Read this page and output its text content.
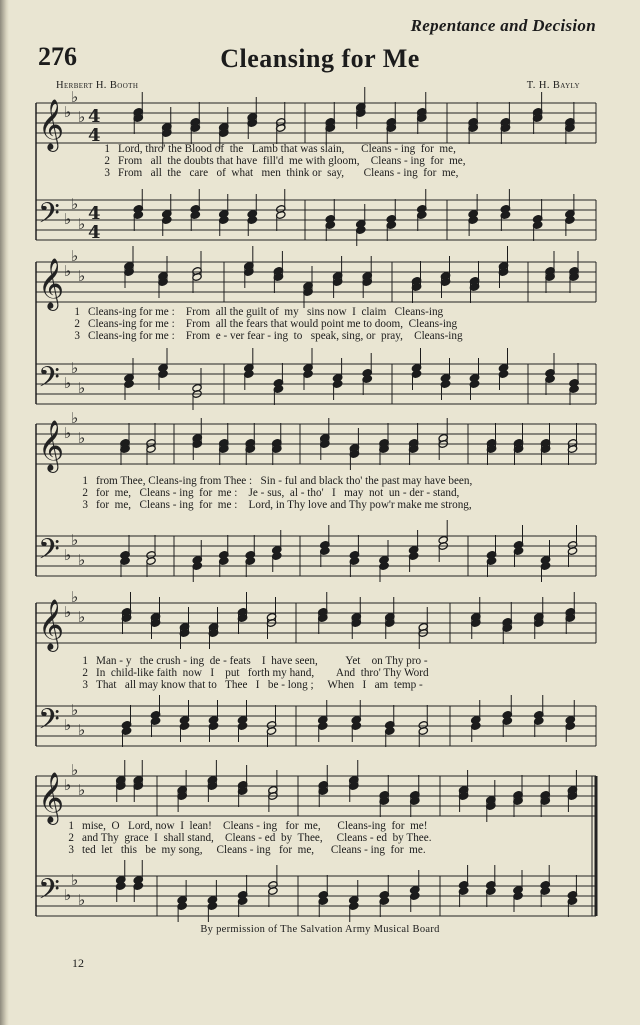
Repentance and Decision
276	Cleansing for Me
Herbert H. Booth	T. H. Bayly
𝄞
𝄢
♭
♭
♭
♭
♭
♭
4
4
4
4
𝄞
𝄢
♭
♭
♭
♭
♭
♭
𝄞
𝄢
♭
♭
♭
♭
♭
♭
𝄞
𝄢
♭
♭
♭
♭
♭
♭
𝄞
𝄢
♭
♭
♭
♭
♭
♭
1 Lord, thro' the Blood of  the   Lamb that was slain,      Cleans - ing  for  me,
2 From   all  the doubts that have  fill'd  me with gloom,    Cleans - ing  for  me,
3 From   all  the   care   of  what   men  think or  say,       Cleans - ing  for  me,
1 Cleans-ing for me :    From  all the guilt of  my   sins now  I  claim   Cleans-ing
2 Cleans-ing for me :    From  all the fears that would point me to doom,  Cleans-ing
3 Cleans-ing for me :    From  e - ver fear - ing  to   speak, sing, or  pray,    Cleans-ing
1 from Thee, Cleans-ing from Thee :   Sin - ful and black tho' the past may have been,
2 for  me,   Cleans - ing  for  me :    Je - sus,  al - tho'   I   may  not  un - der - stand,
3 for  me,   Cleans - ing  for  me :    Lord, in Thy love and Thy pow'r make me strong,
1 Man - y   the crush - ing  de - feats    I  have seen,          Yet    on Thy pro -
2 In  child-like faith  now   I    put   forth my hand,        And  thro' Thy Word
3 That   all may know that to   Thee   I   be - long ;     When   I   am  temp -
1 mise,  O   Lord, now  I  lean!    Cleans - ing   for  me,      Cleans-ing  for  me!
2 and Thy  grace  I  shall stand,    Cleans - ed  by  Thee,     Cleans - ed  by Thee.
3 ted  let   this   be  my song,     Cleans - ing   for  me,      Cleans - ing  for  me.
By permission of The Salvation Army Musical Board
12
